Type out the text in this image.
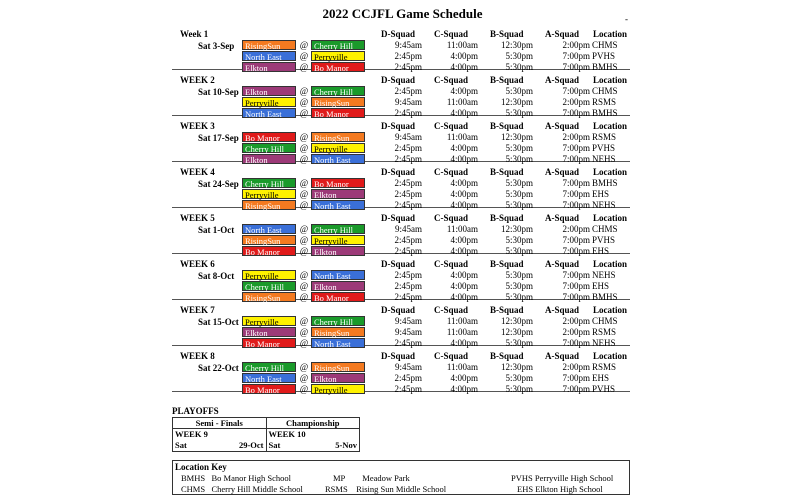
2022 CCJFL Game Schedule	-
Week 1
Sat 3-Sep
D-Squad C-Squad B-Squad A-Squad Location
RisingSun	@ Cherry Hill	9:45am	11:00am	12:30pm	2:00pm CHMS
North East	@ Perryville	2:45pm	4:00pm	5:30pm	7:00pm PVHS
Elkton	@ Bo Manor	2:45pm	4:00pm	5:30pm	7:00pm BMHS
WEEK 2
Sat 10-Sep
D-Squad C-Squad B-Squad A-Squad Location
Elkton	@ Cherry Hill	2:45pm	4:00pm	5:30pm	7:00pm CHMS
Perryville	@ RisingSun	9:45am	11:00am	12:30pm	2:00pm RSMS
North East	@ Bo Manor	2:45pm	4:00pm	5:30pm	7:00pm BMHS
WEEK 3
Sat 17-Sep
D-Squad C-Squad B-Squad A-Squad Location
Bo Manor	@ RisingSun	9:45am	11:00am	12:30pm	2:00pm RSMS
Cherry Hill	@ Perryville	2:45pm	4:00pm	5:30pm	7:00pm PVHS
Elkton	@ North East	2:45pm	4:00pm	5:30pm	7:00pm NEHS
WEEK 4
Sat 24-Sep
D-Squad C-Squad B-Squad A-Squad Location
Cherry Hill	@ Bo Manor	2:45pm	4:00pm	5:30pm	7:00pm BMHS
Perryville	@ Elkton	2:45pm	4:00pm	5:30pm	7:00pm EHS
RisingSun	@ North East	2:45pm	4:00pm	5:30pm	7:00pm NEHS
WEEK 5
Sat 1-Oct
D-Squad C-Squad B-Squad A-Squad Location
North East	@ Cherry Hill	9:45am	11:00am	12:30pm	2:00pm CHMS
RisingSun	@ Perryville	2:45pm	4:00pm	5:30pm	7:00pm PVHS
Bo Manor	@ Elkton	2:45pm	4:00pm	5:30pm	7:00pm EHS
WEEK 6
Sat 8-Oct
D-Squad C-Squad B-Squad A-Squad Location
Perryville	@ North East	2:45pm	4:00pm	5:30pm	7:00pm NEHS
Cherry Hill	@ Elkton	2:45pm	4:00pm	5:30pm	7:00pm EHS
RisingSun	@ Bo Manor	2:45pm	4:00pm	5:30pm	7:00pm BMHS
WEEK 7
Sat 15-Oct
D-Squad C-Squad B-Squad A-Squad Location
Perryville	@ Cherry Hill	9:45am	11:00am	12:30pm	2:00pm CHMS
Elkton	@ RisingSun	9:45am	11:00am	12:30pm	2:00pm RSMS
Bo Manor	@ North East	2:45pm	4:00pm	5:30pm	7:00pm NEHS
WEEK 8
Sat 22-Oct
D-Squad C-Squad B-Squad A-Squad Location
Cherry Hill	@ RisingSun	9:45am	11:00am	12:30pm	2:00pm RSMS
North East	@ Elkton	2:45pm	4:00pm	5:30pm	7:00pm EHS
Bo Manor	@ Perryville	2:45pm	4:00pm	5:30pm	7:00pm PVHS
PLAYOFFS
Semi - Finals	Championship
WEEK 9	WEEK 10
Sat	29-Oct Sat	5-Nov
Location Key
BMHS Bo Manor High School
CHMS Cherry Hill Middle School
MP Meadow Park
RSMS Rising Sun Middle School
PVHS Perryville High School
EHS Elkton High School
